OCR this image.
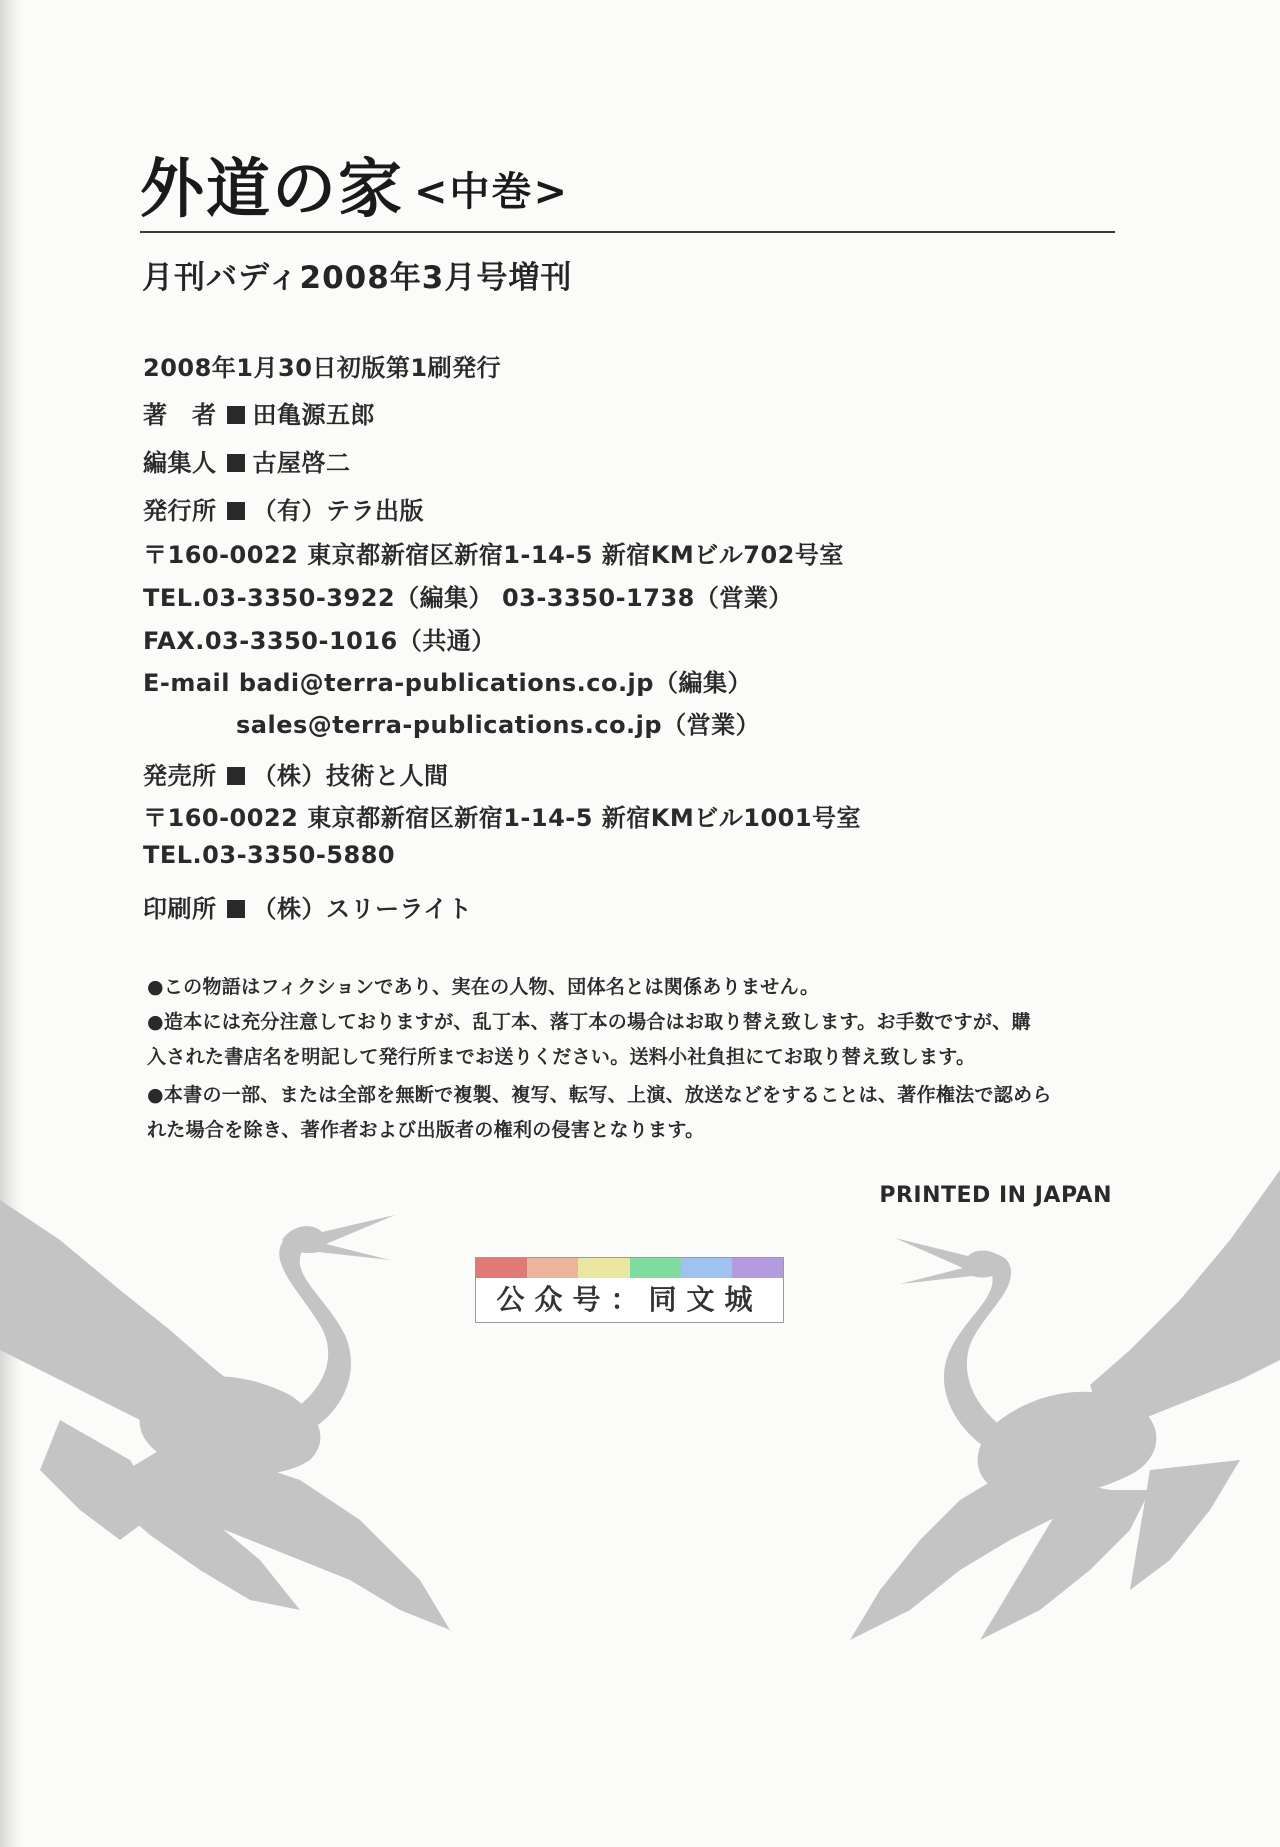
外道の家 <中巻>
月刊バディ2008年3月号増刊
2008年1月30日初版第1刷発行
著　者 田亀源五郎
編集人 古屋啓二
発行所 （有）テラ出版
〒160-0022 東京都新宿区新宿1-14-5 新宿KMビル702号室
TEL.03-3350-3922（編集） 03-3350-1738（営業）
FAX.03-3350-1016（共通）
E-mail badi@terra-publications.co.jp（編集）
sales@terra-publications.co.jp（営業）
発売所 （株）技術と人間
〒160-0022 東京都新宿区新宿1-14-5 新宿KMビル1001号室
TEL.03-3350-5880
印刷所 （株）スリーライト
●この物語はフィクションであり、実在の人物、団体名とは関係ありません。
●造本には充分注意しておりますが、乱丁本、落丁本の場合はお取り替え致します。お手数ですが、購
入された書店名を明記して発行所までお送りください。送料小社負担にてお取り替え致します。
●本書の一部、または全部を無断で複製、複写、転写、上演、放送などをすることは、著作権法で認めら
れた場合を除き、著作者および出版者の権利の侵害となります。
PRINTED IN JAPAN
公众号：同文城
